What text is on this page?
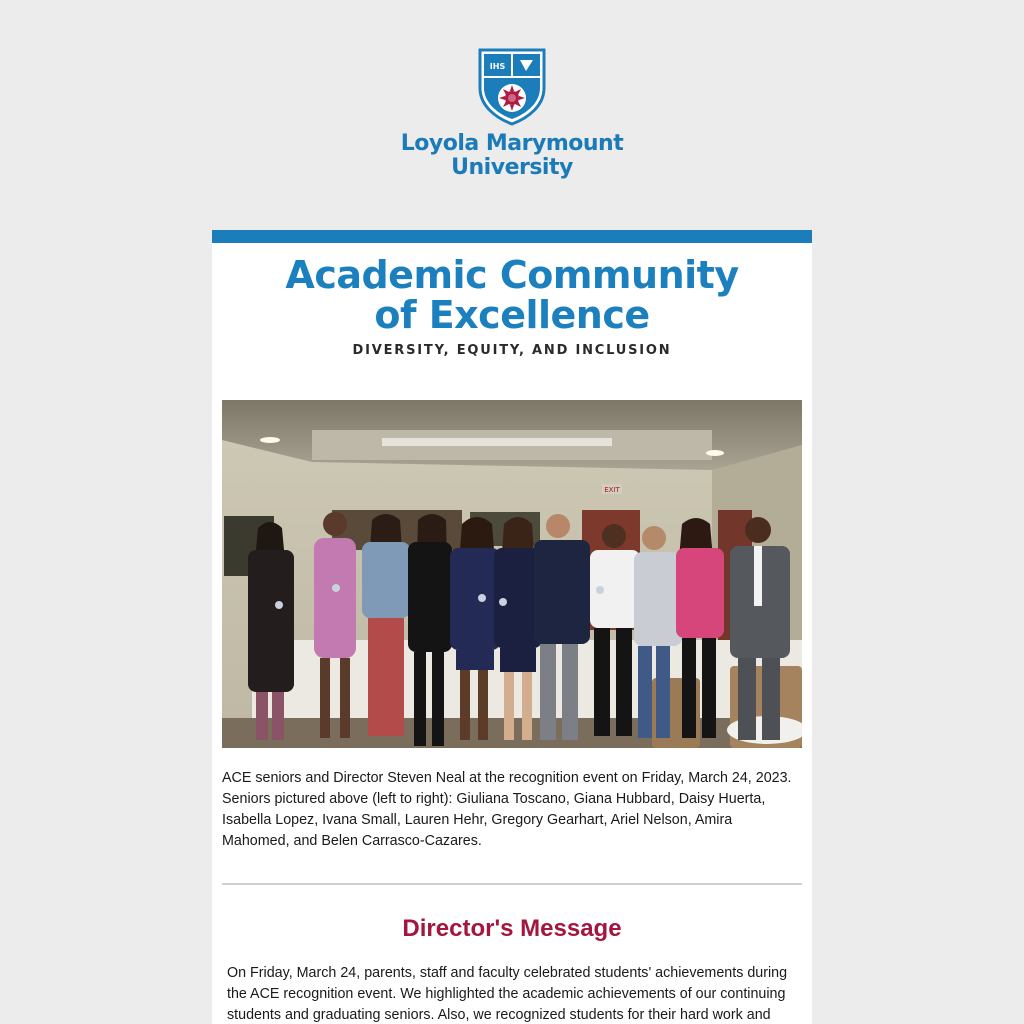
IHS
Loyola Marymount
University
Academic Community
of Excellence
DIVERSITY, EQUITY, AND INCLUSION
EXIT
ACE seniors and Director Steven Neal at the recognition event on Friday, March 24, 2023. Seniors pictured above (left to right): Giuliana Toscano, Giana Hubbard, Daisy Huerta, Isabella Lopez, Ivana Small, Lauren Hehr, Gregory Gearhart, Ariel Nelson, Amira Mahomed, and Belen Carrasco-Cazares.
Director's Message
On Friday, March 24, parents, staff and faculty celebrated students' achievements during the ACE recognition event. We highlighted the academic achievements of our continuing students and graduating seniors. Also, we recognized students for their hard work and
